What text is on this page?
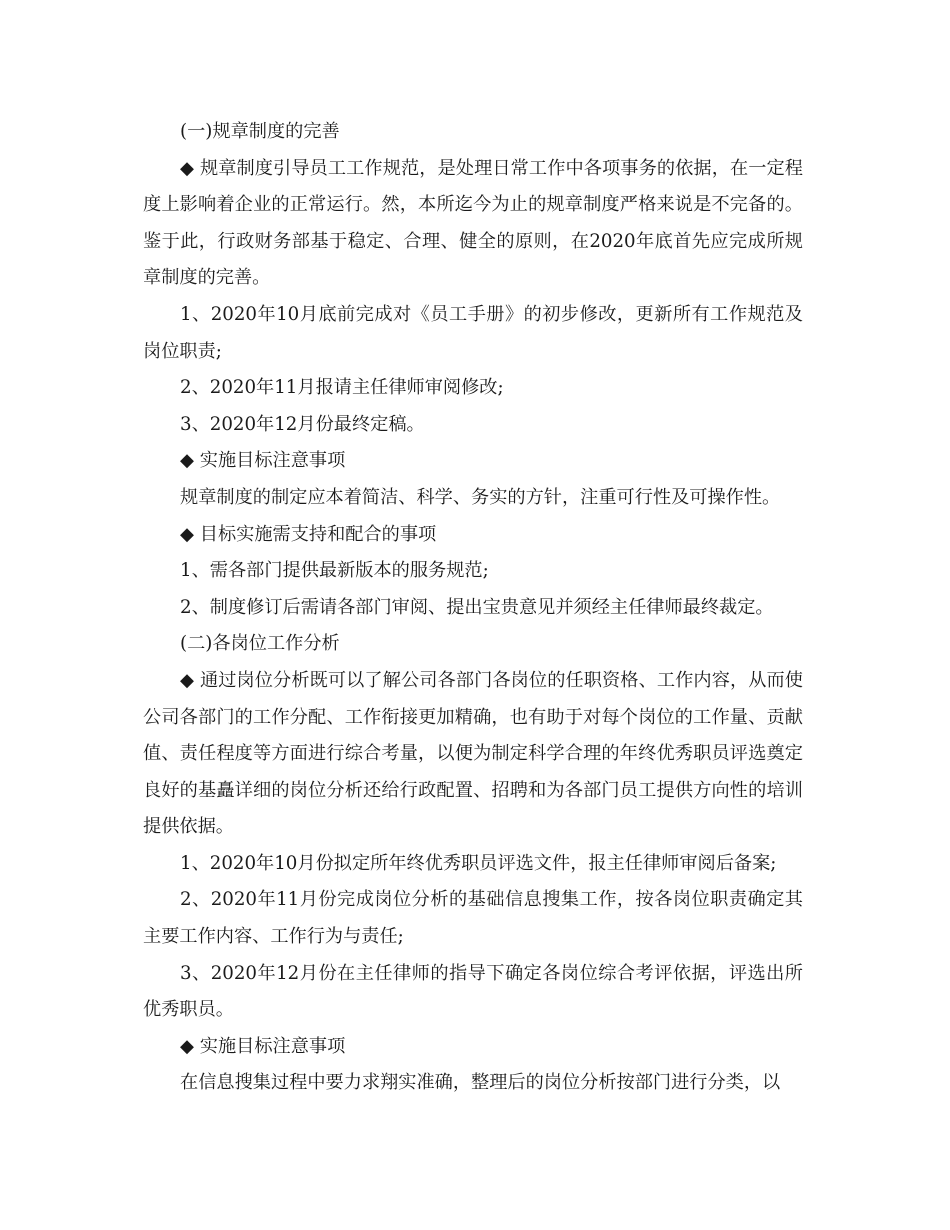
(一)规章制度的完善

◆ 规章制度引导员工工作规范，是处理日常工作中各项事务的依据，在一定程度上影响着企业的正常运行。然，本所迄今为止的规章制度严格来说是不完备的。鉴于此，行政财务部基于稳定、合理、健全的原则，在2020年底首先应完成所规章制度的完善。

1、2020年10月底前完成对《员工手册》的初步修改，更新所有工作规范及岗位职责;

2、2020年11月报请主任律师审阅修改;

3、2020年12月份最终定稿。

◆ 实施目标注意事项

规章制度的制定应本着简洁、科学、务实的方针，注重可行性及可操作性。

◆ 目标实施需支持和配合的事项

1、需各部门提供最新版本的服务规范;

2、制度修订后需请各部门审阅、提出宝贵意见并须经主任律师最终裁定。

(二)各岗位工作分析

◆ 通过岗位分析既可以了解公司各部门各岗位的任职资格、工作内容，从而使公司各部门的工作分配、工作衔接更加精确，也有助于对每个岗位的工作量、贡献值、责任程度等方面进行综合考量，以便为制定科学合理的年终优秀职员评选奠定良好的基矗详细的岗位分析还给行政配置、招聘和为各部门员工提供方向性的培训提供依据。

1、2020年10月份拟定所年终优秀职员评选文件，报主任律师审阅后备案;

2、2020年11月份完成岗位分析的基础信息搜集工作，按各岗位职责确定其主要工作内容、工作行为与责任;

3、2020年12月份在主任律师的指导下确定各岗位综合考评依据，评选出所优秀职员。

◆ 实施目标注意事项

在信息搜集过程中要力求翔实准确，整理后的岗位分析按部门进行分类，以
